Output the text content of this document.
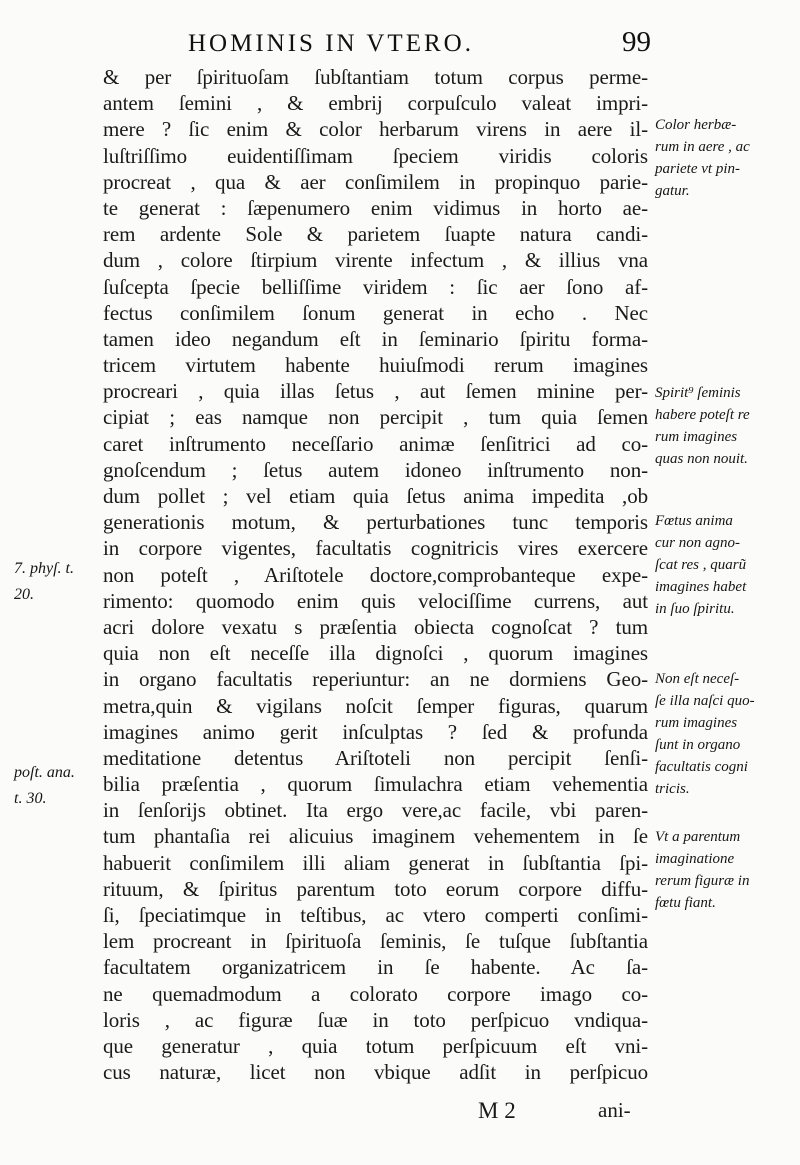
HOMINIS IN VTERO.	99
& per ſpirituoſam ſubſtantiam totum corpus perme-
antem ſemini , & embrij corpuſculo valeat impri-
mere ? ſic enim & color herbarum virens in aere il-
luſtriſſimo euidentiſſimam ſpeciem viridis coloris
procreat , qua & aer conſimilem in propinquo parie-
te generat : ſæpenumero enim vidimus in horto ae-
rem ardente Sole & parietem ſuapte natura candi-
dum , colore ſtirpium virente infectum , & illius vna
ſuſcepta ſpecie belliſſime viridem : ſic aer ſono af-
fectus conſimilem ſonum generat in echo . Nec
tamen ideo negandum eſt in ſeminario ſpiritu forma-
tricem virtutem habente huiuſmodi rerum imagines
procreari , quia illas ſetus , aut ſemen minine per-
cipiat ; eas namque non percipit , tum quia ſemen
caret inſtrumento neceſſario animæ ſenſitrici ad co-
gnoſcendum ; ſetus autem idoneo inſtrumento non-
dum pollet ; vel etiam quia ſetus anima impedita ,ob
generationis motum, & perturbationes tunc temporis
in corpore vigentes, facultatis cognitricis vires exercere
non poteſt , Ariſtotele doctore,comprobanteque expe-
rimento: quomodo enim quis velociſſime currens, aut
acri dolore vexatu s præſentia obiecta cognoſcat ? tum
quia non eſt neceſſe illa dignoſci , quorum imagines
in organo facultatis reperiuntur: an ne dormiens Geo-
metra,quin & vigilans noſcit ſemper figuras, quarum
imagines animo gerit inſculptas ? ſed & profunda
meditatione detentus Ariſtoteli non percipit ſenſi-
bilia præſentia , quorum ſimulachra etiam vehementia
in ſenſorijs obtinet. Ita ergo vere,ac facile, vbi paren-
tum phantaſia rei alicuius imaginem vehementem in ſe
habuerit conſimilem illi aliam generat in ſubſtantia ſpi-
rituum, & ſpiritus parentum toto eorum corpore diffu-
ſi, ſpeciatimque in teſtibus, ac vtero comperti conſimi-
lem procreant in ſpirituoſa ſeminis, ſe tuſque ſubſtantia
facultatem organizatricem in ſe habente. Ac ſa-
ne quemadmodum a colorato corpore imago co-
loris , ac figuræ ſuæ in toto perſpicuo vndiqua-
que generatur , quia totum perſpicuum eſt vni-
cus naturæ, licet non vbique adſit in perſpicuo
Color herbæ-
rum in aere , ac
pariete vt pin-
gatur.
Spirit⁹ ſeminis
habere poteſt re
rum imagines
quas non nouit.
Fœtus anima
cur non agno-
ſcat res , quarũ
imagines habet
in ſuo ſpiritu.
Non eſt neceſ-
ſe illa naſci quo-
rum imagines
ſunt in organo
facultatis cogni
tricis.
Vt a parentum
imaginatione
rerum figuræ in
fœtu fiant.
7. phyſ. t.
20.
poſt. ana.
t. 30.
M 2	ani-
